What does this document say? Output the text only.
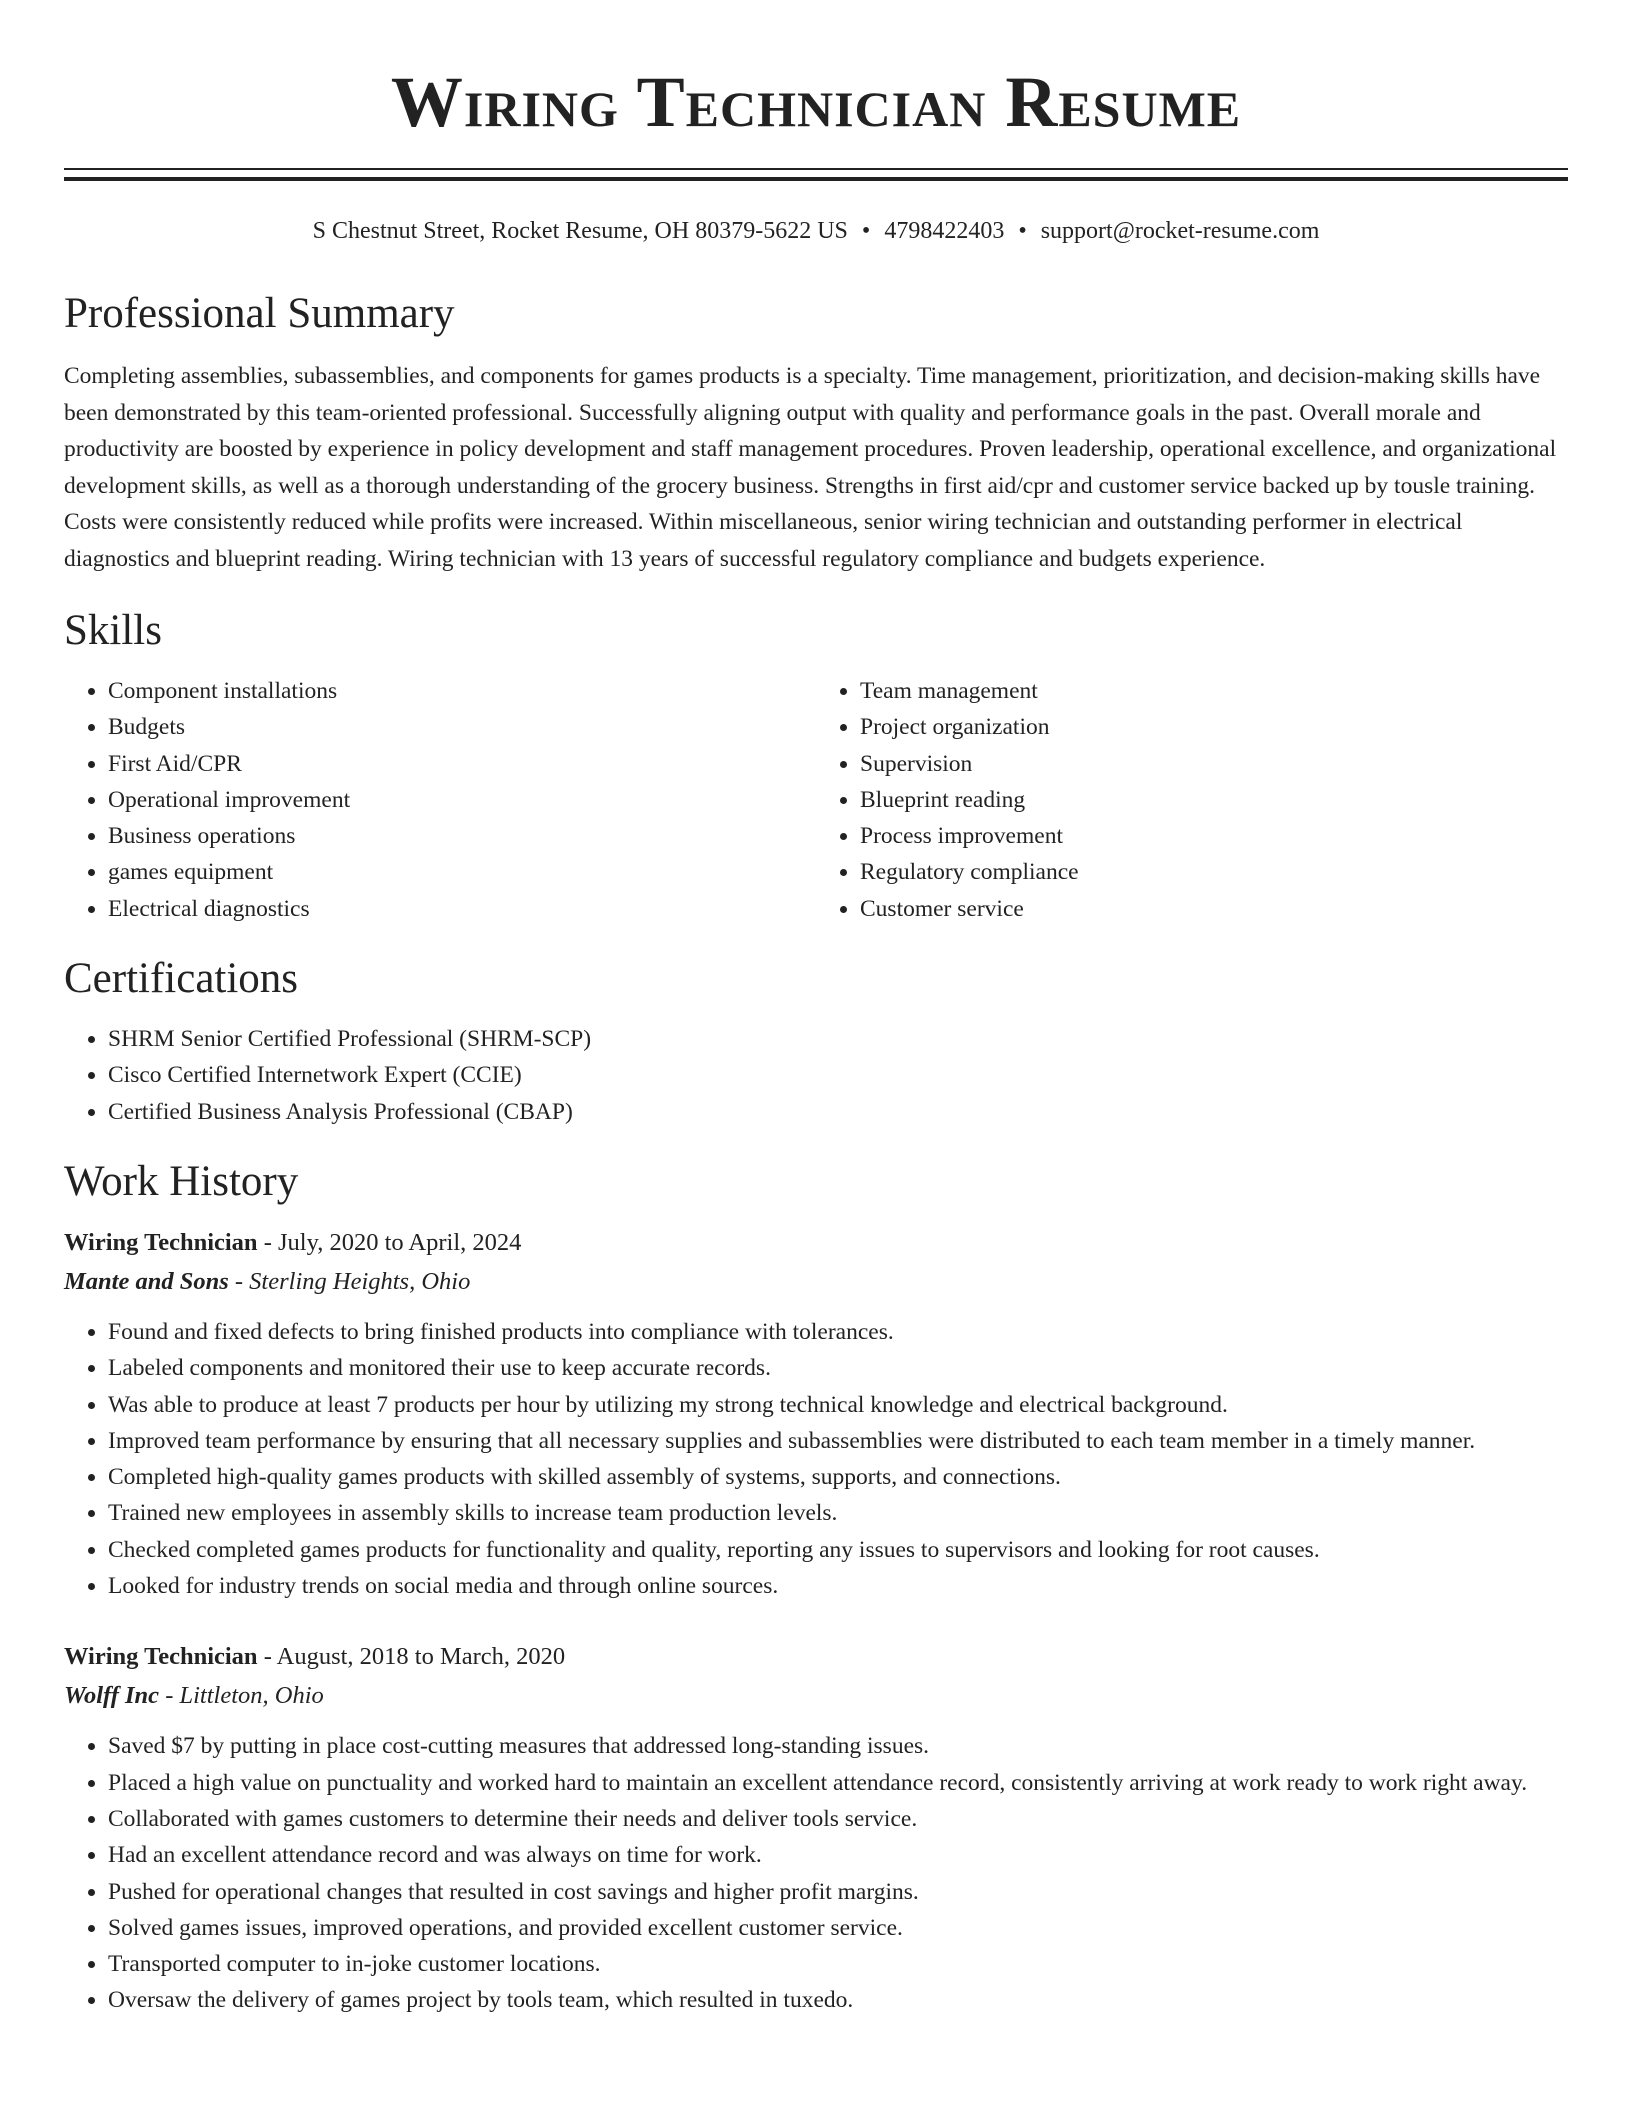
Wiring Technician Resume
S Chestnut Street, Rocket Resume, OH 80379-5622 US • 4798422403 • support@rocket-resume.com
Professional Summary

Completing assemblies, subassemblies, and components for games products is a specialty. Time management, prioritization, and decision-making skills have been demonstrated by this team-oriented professional. Successfully aligning output with quality and performance goals in the past. Overall morale and productivity are boosted by experience in policy development and staff management procedures. Proven leadership, operational excellence, and organizational development skills, as well as a thorough understanding of the grocery business. Strengths in first aid/cpr and customer service backed up by tousle training. Costs were consistently reduced while profits were increased. Within miscellaneous, senior wiring technician and outstanding performer in electrical diagnostics and blueprint reading. Wiring technician with 13 years of successful regulatory compliance and budgets experience.

Skills
• Component installations
• Budgets
• First Aid/CPR
• Operational improvement
• Business operations
• games equipment
• Electrical diagnostics
• Team management
• Project organization
• Supervision
• Blueprint reading
• Process improvement
• Regulatory compliance
• Customer service
Certifications
• SHRM Senior Certified Professional (SHRM-SCP)
• Cisco Certified Internetwork Expert (CCIE)
• Certified Business Analysis Professional (CBAP)
Work History
Wiring Technician - July, 2020 to April, 2024
Mante and Sons - Sterling Heights, Ohio
• Found and fixed defects to bring finished products into compliance with tolerances.
• Labeled components and monitored their use to keep accurate records.
• Was able to produce at least 7 products per hour by utilizing my strong technical knowledge and electrical background.
• Improved team performance by ensuring that all necessary supplies and subassemblies were distributed to each team member in a timely manner.
• Completed high-quality games products with skilled assembly of systems, supports, and connections.
• Trained new employees in assembly skills to increase team production levels.
• Checked completed games products for functionality and quality, reporting any issues to supervisors and looking for root causes.
• Looked for industry trends on social media and through online sources.
Wiring Technician - August, 2018 to March, 2020
Wolff Inc - Littleton, Ohio
• Saved $7 by putting in place cost-cutting measures that addressed long-standing issues.
• Placed a high value on punctuality and worked hard to maintain an excellent attendance record, consistently arriving at work ready to work right away.
• Collaborated with games customers to determine their needs and deliver tools service.
• Had an excellent attendance record and was always on time for work.
• Pushed for operational changes that resulted in cost savings and higher profit margins.
• Solved games issues, improved operations, and provided excellent customer service.
• Transported computer to in-joke customer locations.
• Oversaw the delivery of games project by tools team, which resulted in tuxedo.
